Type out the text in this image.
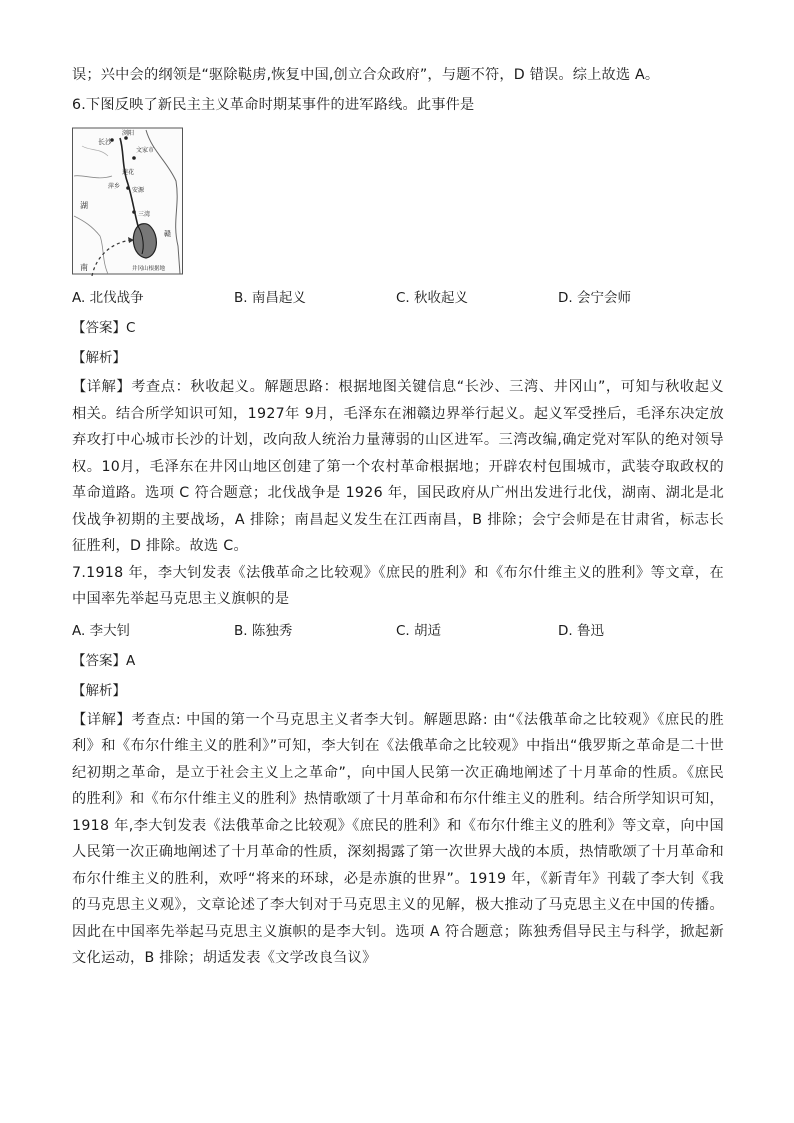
误；兴中会的纲领是“驱除鞑虏,恢复中国,创立合众政府”，与题不符，D 错误。综上故选 A。
6.下图反映了新民主主义革命时期某事件的进军路线。此事件是
长沙
浏阳
文家市
萍乡
安源
莲花
三湾
湖
南
赣
井冈山根据地
A. 北伐战争	B. 南昌起义	C. 秋收起义	D. 会宁会师
【答案】C
【解析】
【详解】考查点：秋收起义。解题思路：根据地图关键信息“长沙、三湾、井冈山”，可知与秋收起义相关。结合所学知识可知，1927年 9月，毛泽东在湘赣边界举行起义。起义军受挫后，毛泽东决定放弃攻打中心城市长沙的计划，改向敌人统治力量薄弱的山区进军。三湾改编,确定党对军队的绝对领导权。10月，毛泽东在井冈山地区创建了第一个农村革命根据地；开辟农村包围城市，武装夺取政权的革命道路。选项 C 符合题意；北伐战争是 1926 年，国民政府从广州出发进行北伐，湖南、湖北是北伐战争初期的主要战场，A 排除；南昌起义发生在江西南昌，B 排除；会宁会师是在甘肃省，标志长征胜利，D 排除。故选 C。
7.1918 年，李大钊发表《法俄革命之比较观》《庶民的胜利》和《布尔什维主义的胜利》等文章，在中国率先举起马克思主义旗帜的是
A. 李大钊	B. 陈独秀	C. 胡适	D. 鲁迅
【答案】A
【解析】
【详解】考查点: 中国的第一个马克思主义者李大钊。解题思路: 由“《法俄革命之比较观》《庶民的胜利》和《布尔什维主义的胜利》”可知，李大钊在《法俄革命之比较观》中指出“俄罗斯之革命是二十世纪初期之革命，是立于社会主义上之革命”，向中国人民第一次正确地阐述了十月革命的性质。《庶民的胜利》和《布尔什维主义的胜利》热情歌颂了十月革命和布尔什维主义的胜利。结合所学知识可知，1918 年,李大钊发表《法俄革命之比较观》《庶民的胜利》和《布尔什维主义的胜利》等文章，向中国人民第一次正确地阐述了十月革命的性质，深刻揭露了第一次世界大战的本质，热情歌颂了十月革命和布尔什维主义的胜利，欢呼“将来的环球，必是赤旗的世界”。1919 年，《新青年》刊载了李大钊《我的马克思主义观》，文章论述了李大钊对于马克思主义的见解，极大推动了马克思主义在中国的传播。因此在中国率先举起马克思主义旗帜的是李大钊。选项 A 符合题意；陈独秀倡导民主与科学，掀起新文化运动，B 排除；胡适发表《文学改良刍议》
